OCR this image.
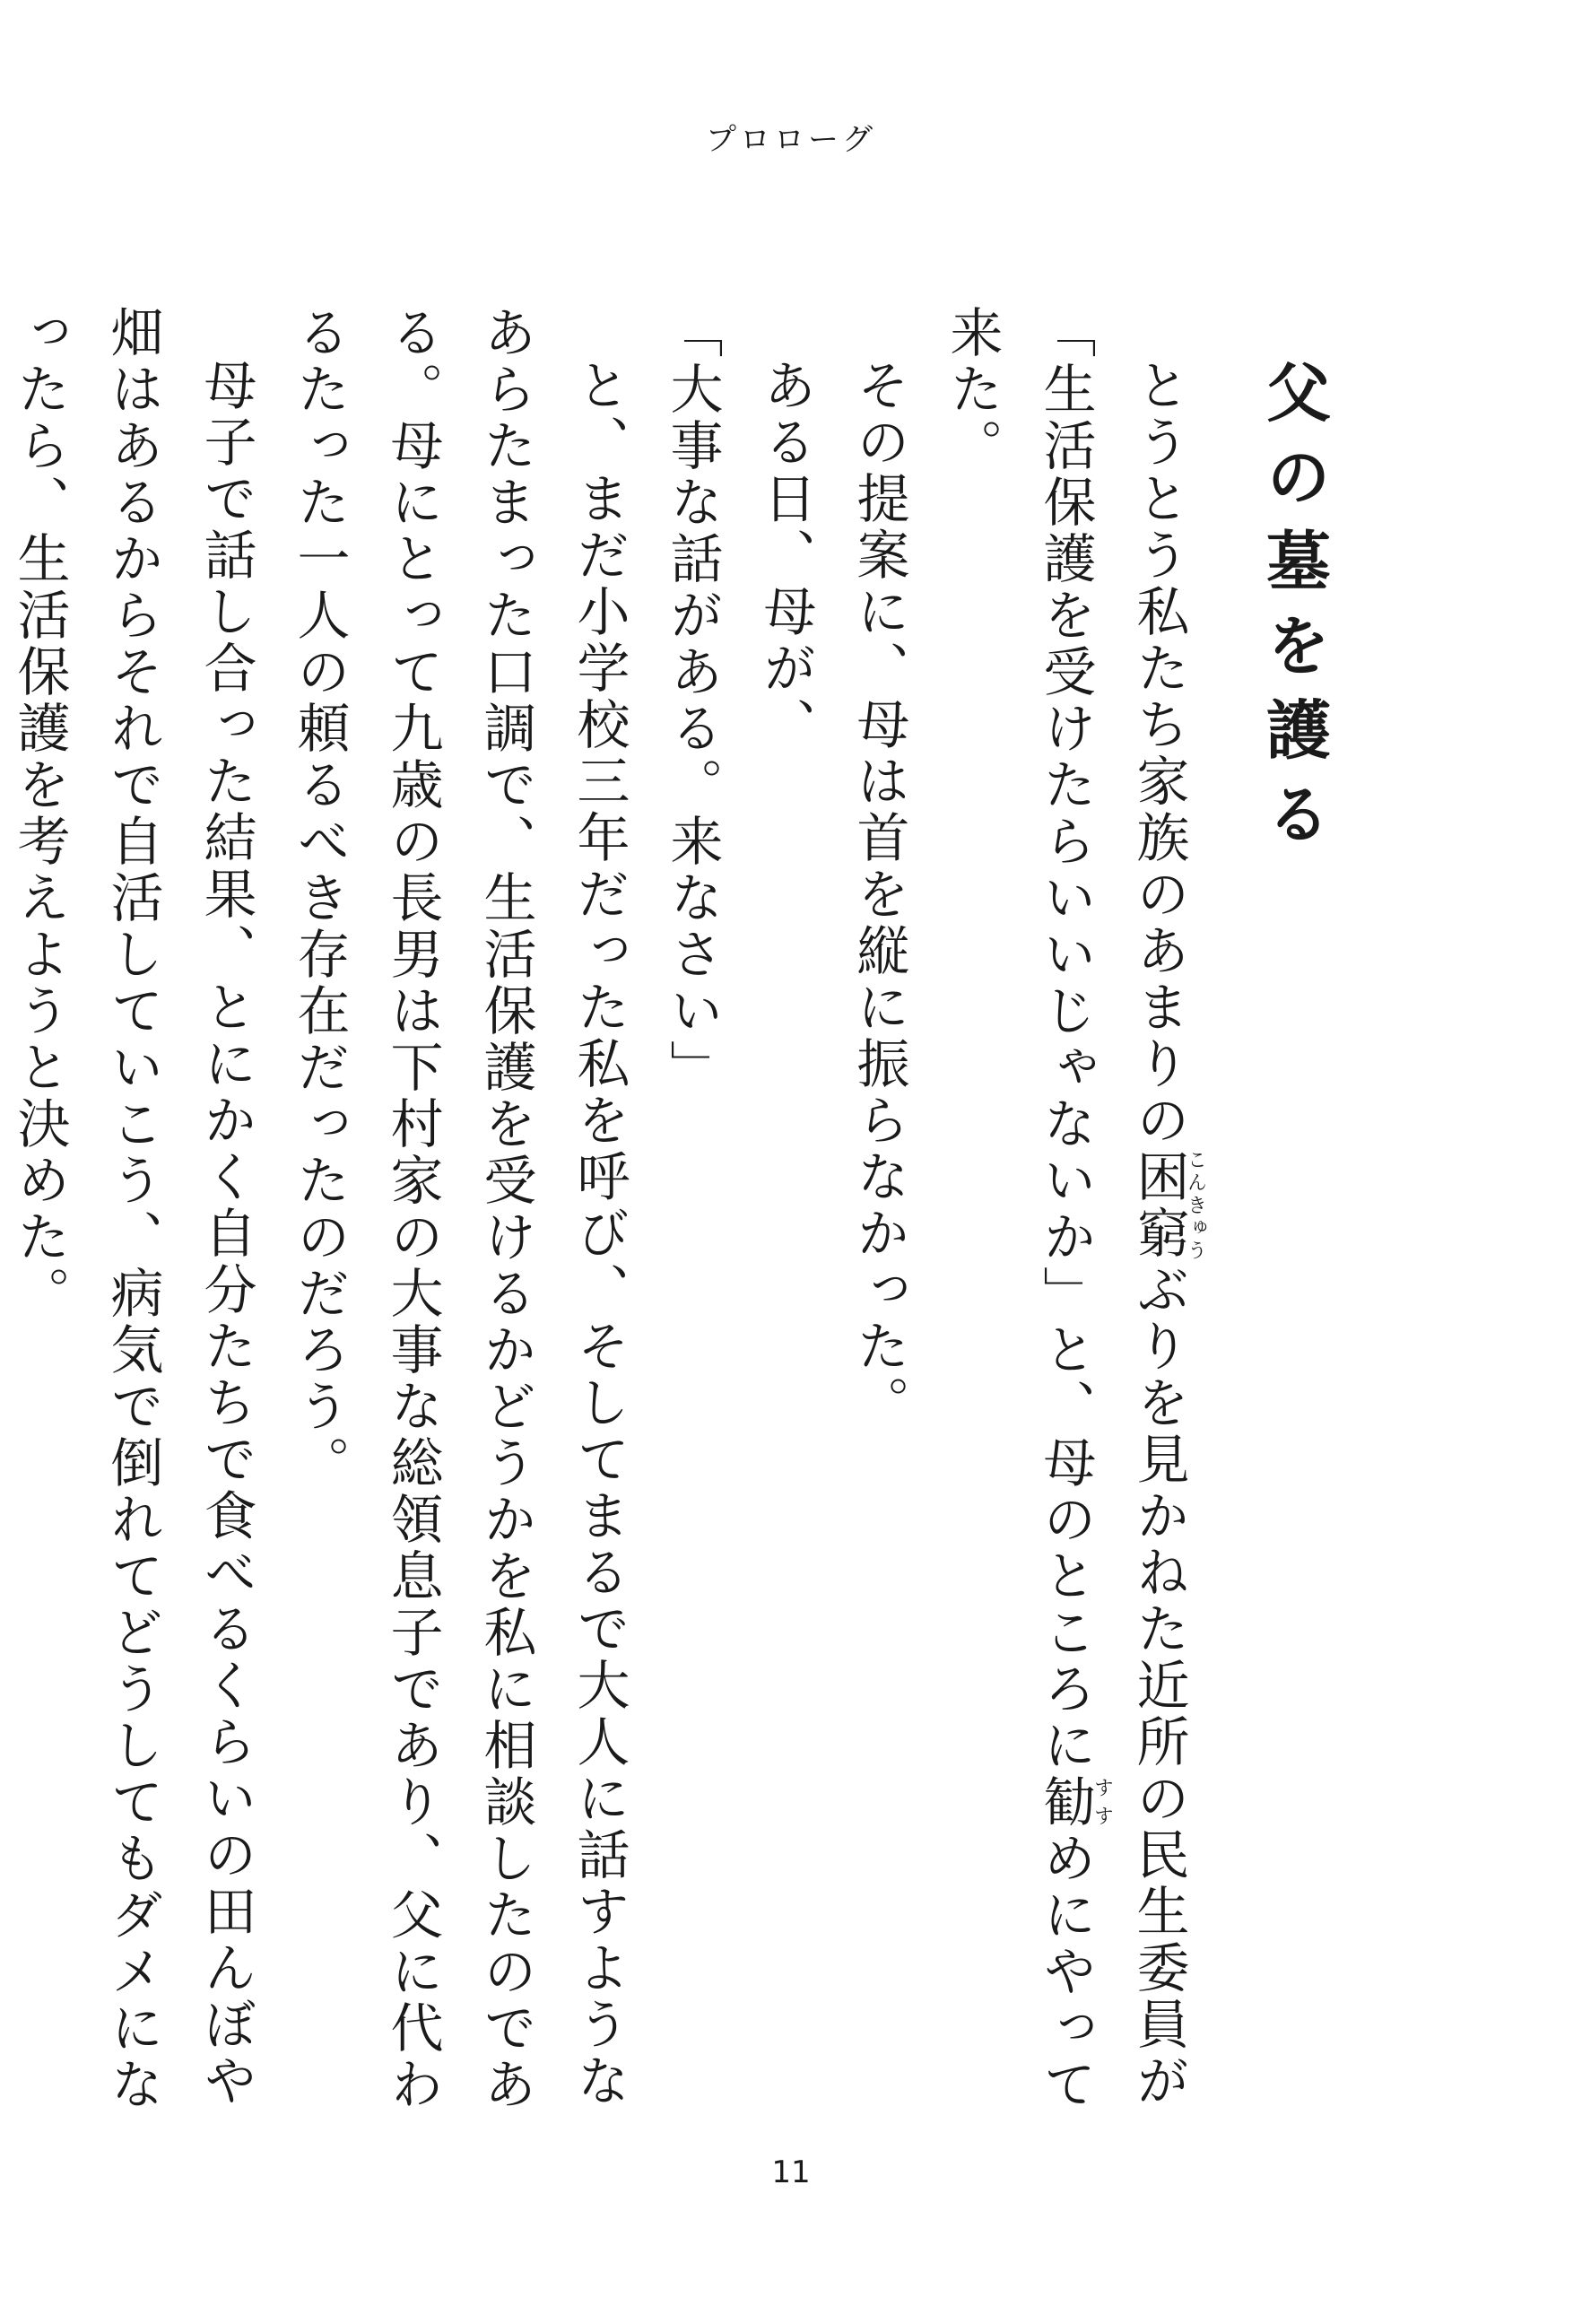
プロローグ
父の墓を護る

とうとう私たち家族のあまりの困窮こんきゅうぶりを見かねた近所の民生委員が「生活保護を受けたらいいじゃないか」と、母のところに勧すすめにやって来た。

その提案に、母は首を縦に振らなかった。

ある日、母が、

「大事な話がある。来なさい」

と、まだ小学校三年だった私を呼び、そしてまるで大人に話すようなあらたまった口調で、生活保護を受けるかどうかを私に相談したのである。母にとって九歳の長男は下村家の大事な総領息子であり、父に代わるたった一人の頼るべき存在だったのだろう。

母子で話し合った結果、とにかく自分たちで食べるくらいの田んぼや畑はあるからそれで自活していこう、病気で倒れてどうしてもダメになったら、生活保護を考えようと決めた。

11
